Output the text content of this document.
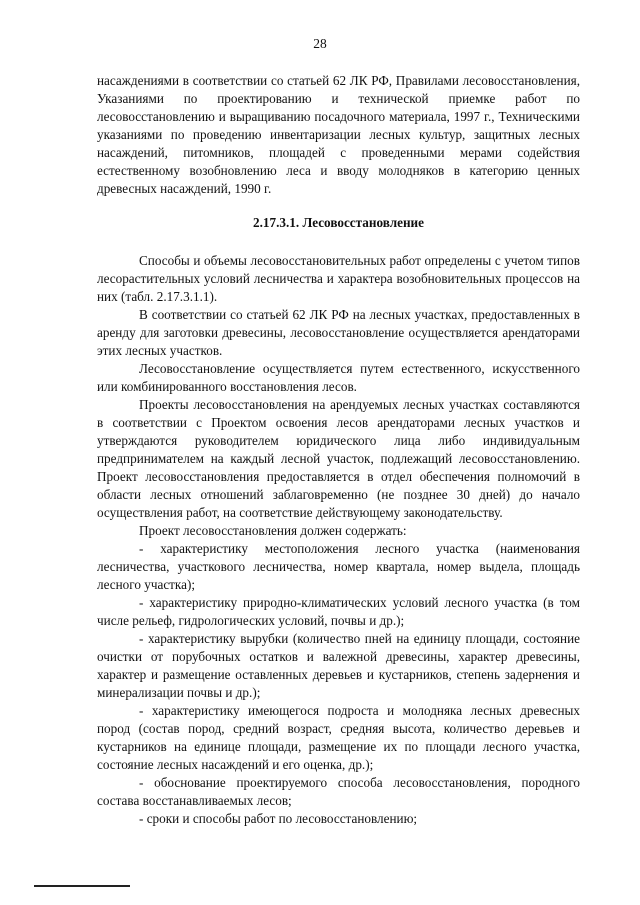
28

насаждениями в соответствии со статьей 62 ЛК РФ, Правилами лесовосстановления, Указаниями по проектированию и технической приемке работ по лесовосстановлению и выращиванию посадочного материала, 1997 г., Техническими указаниями по проведению инвентаризации лесных культур, защитных лесных насаждений, питомников, площадей с проведенными мерами содействия естественному возобновлению леса и вводу молодняков в категорию ценных древесных насаждений, 1990 г.

2.17.3.1. Лесовосстановление

Способы и объемы лесовосстановительных работ определены с учетом типов лесорастительных условий лесничества и характера возобновительных процессов на них (табл. 2.17.3.1.1).

В соответствии со статьей 62 ЛК РФ на лесных участках, предоставленных в аренду для заготовки древесины, лесовосстановление осуществляется арендаторами этих лесных участков.

Лесовосстановление осуществляется путем естественного, искусственного или комбинированного восстановления лесов.

Проекты лесовосстановления на арендуемых лесных участках составляются в соответствии с Проектом освоения лесов арендаторами лесных участков и утверждаются руководителем юридического лица либо индивидуальным предпринимателем на каждый лесной участок, подлежащий лесовосстановлению. Проект лесовосстановления предоставляется в отдел обеспечения полномочий в области лесных отношений заблаговременно (не позднее 30 дней) до начало осуществления работ, на соответствие действующему законодательству.

Проект лесовосстановления должен содержать:

- характеристику местоположения лесного участка (наименования лесничества, участкового лесничества, номер квартала, номер выдела, площадь лесного участка);

- характеристику природно-климатических условий лесного участка (в том числе рельеф, гидрологических условий, почвы и др.);

- характеристику вырубки (количество пней на единицу площади, состояние очистки от порубочных остатков и валежной древесины, характер древесины, характер и размещение оставленных деревьев и кустарников, степень задернения и минерализации почвы и др.);

- характеристику имеющегося подроста и молодняка лесных древесных пород (состав пород, средний возраст, средняя высота, количество деревьев и кустарников на единице площади, размещение их по площади лесного участка, состояние лесных насаждений и его оценка, др.);

- обоснование проектируемого способа лесовосстановления, породного состава восстанавливаемых лесов;

- сроки и способы работ по лесовосстановлению;
